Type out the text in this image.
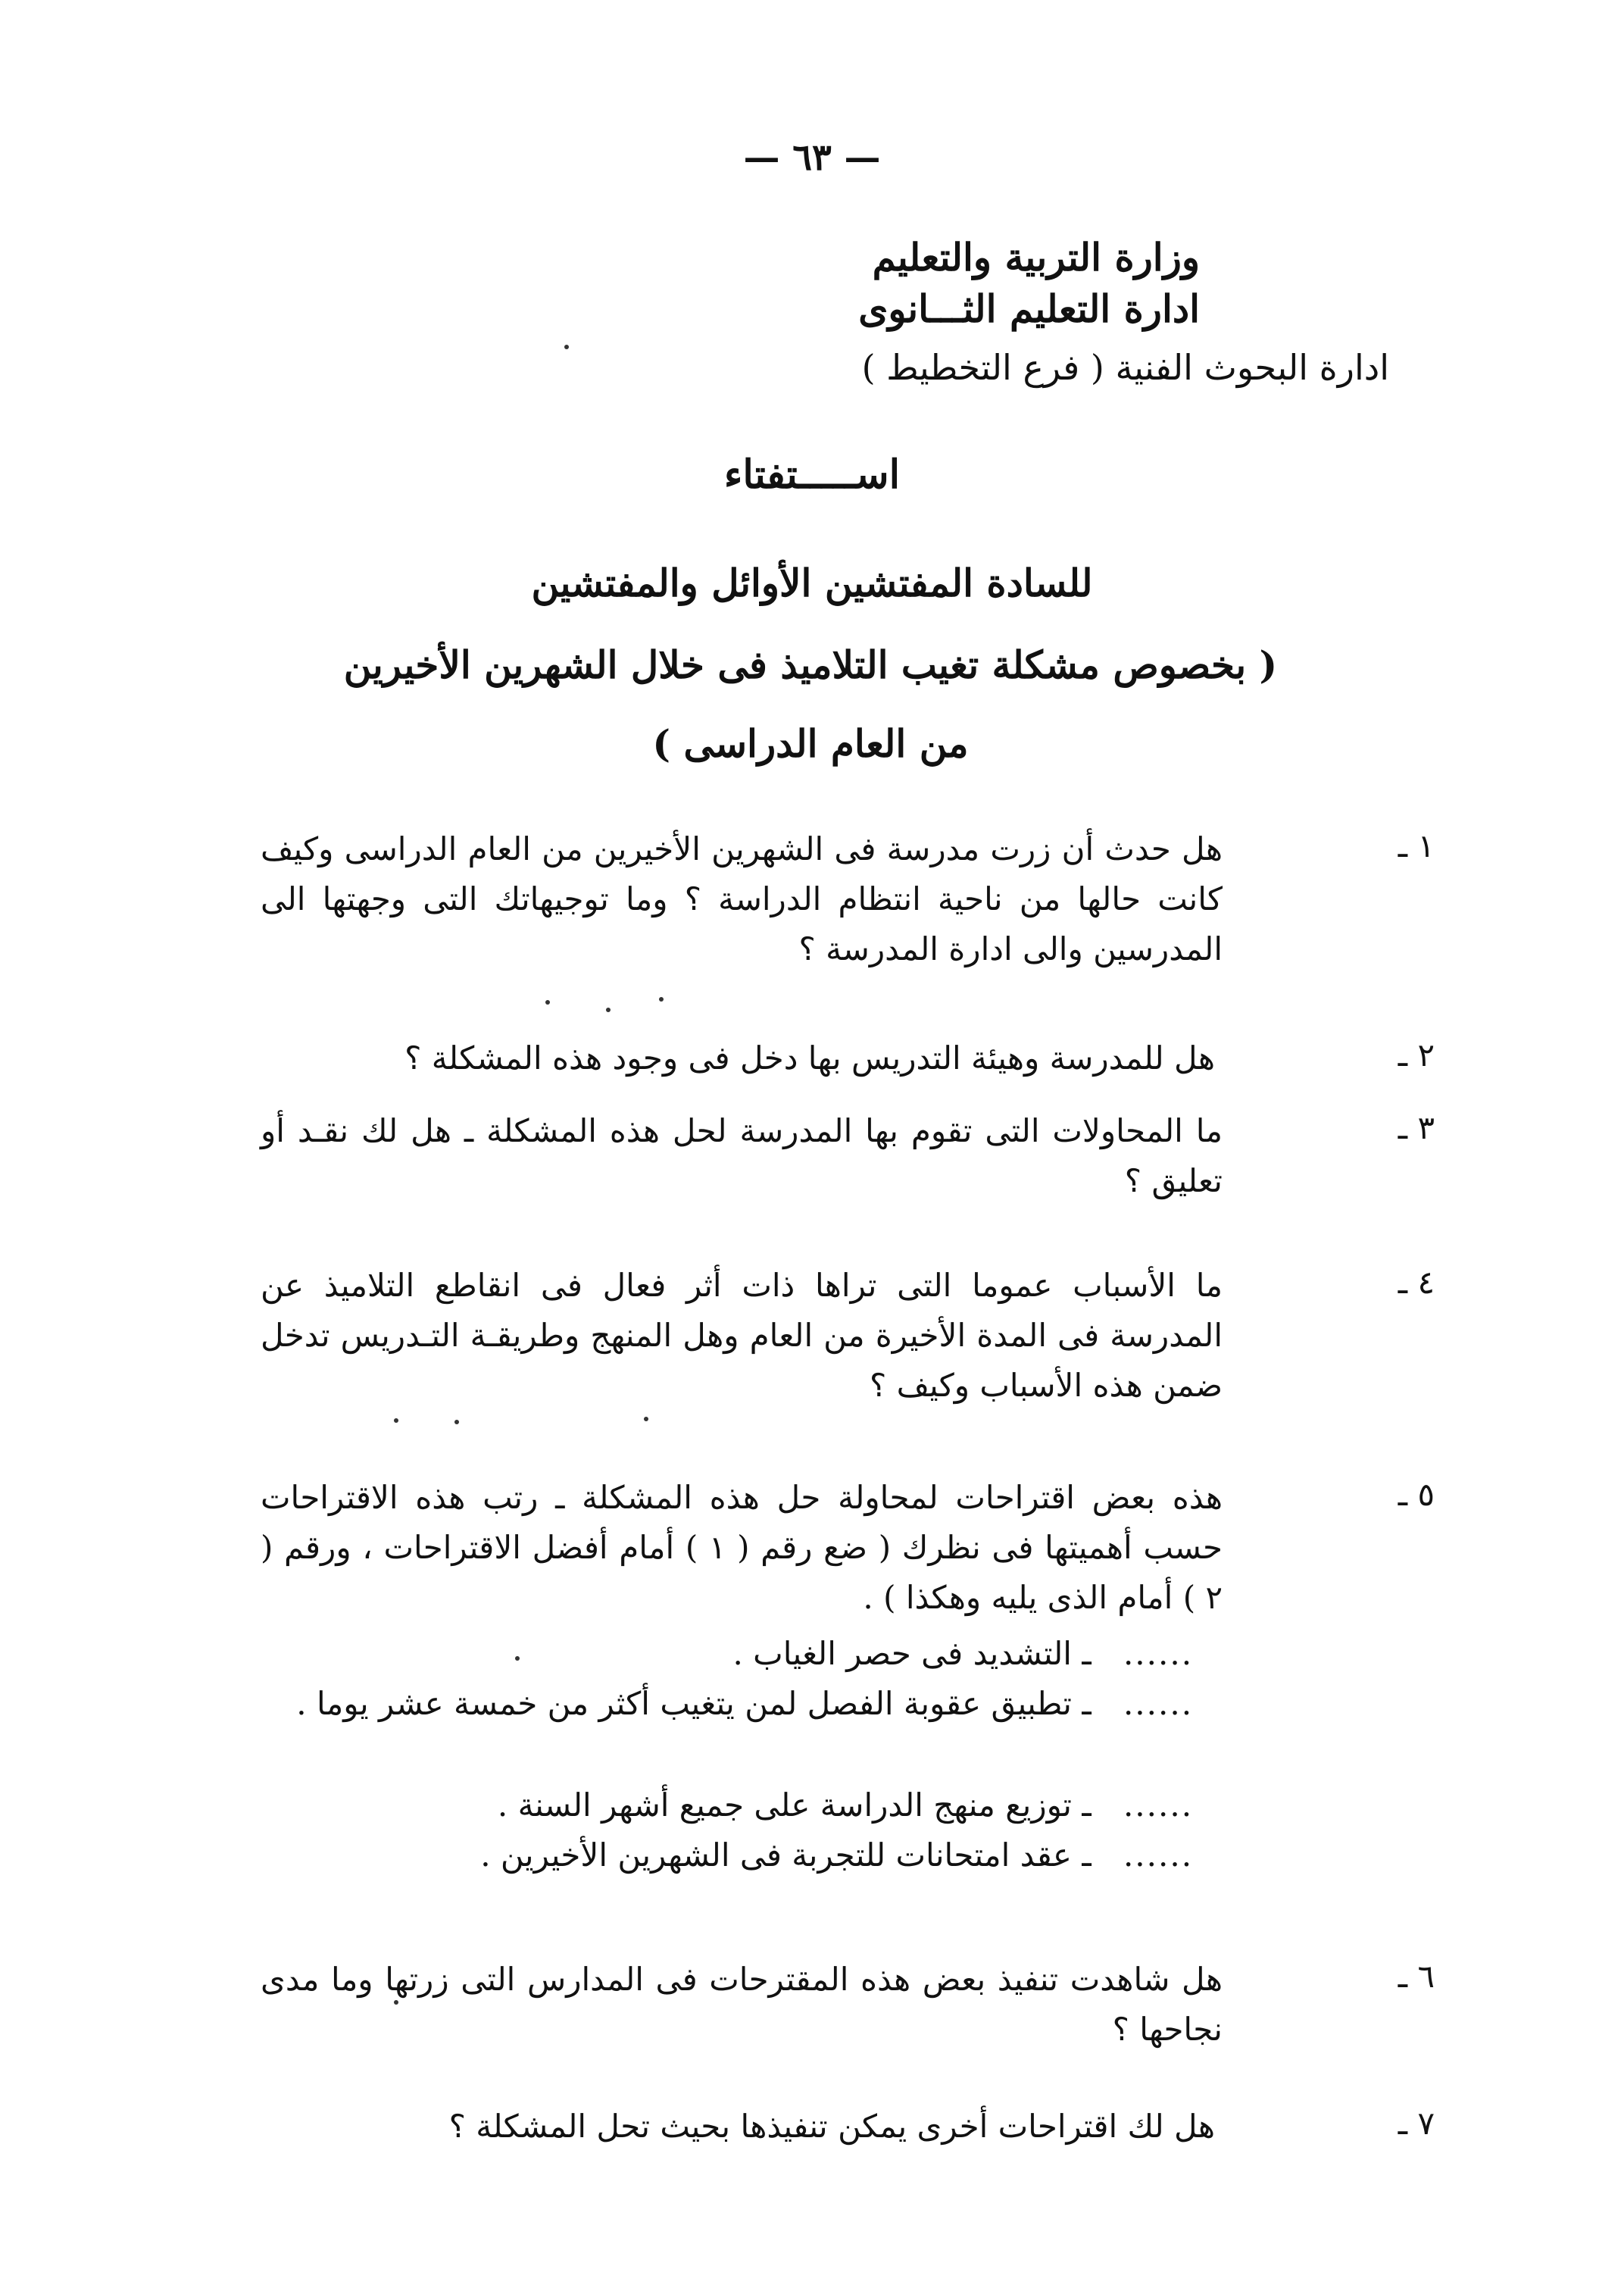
— ٦٣ —
وزارة التربية والتعليم
ادارة التعليم الثـــانوى
ادارة البحوث الفنية ( فرع التخطيط )
اســـــتفتاء
للسادة المفتشين الأوائل والمفتشين
( بخصوص مشكلة تغيب التلاميذ فى خلال الشهرين الأخيرين
من العام الدراسى )
١ ـ
هل حدث أن زرت مدرسة فى الشهرين الأخيرين من العام الدراسى وكيف كانت حالها من ناحية انتظام الدراسة ؟ وما توجيهاتك التى وجهتها الى المدرسين والى ادارة المدرسة ؟
٢ ـ
هل للمدرسة وهيئة التدريس بها دخل فى وجود هذه المشكلة ؟
٣ ـ
ما المحاولات التى تقوم بها المدرسة لحل هذه المشكلة ـ هل لك نقـد أو تعليق ؟
٤ ـ
ما الأسباب عموما التى تراها ذات أثر فعال فى انقاطع التلاميذ عن المدرسة فى المدة الأخيرة من العام وهل المنهج وطريقـة التـدريس تدخل ضمن هذه الأسباب وكيف ؟
٥ ـ
هذه بعض اقتراحات لمحاولة حل هذه المشكلة ـ رتب هذه الاقتراحات حسب أهميتها فى نظرك ( ضع رقم ( ١ ) أمام أفضل الاقتراحات ، ورقم ( ٢ ) أمام الذى يليه وهكذا ) .
...... ـ التشديد فى حصر الغياب .
...... ـ تطبيق عقوبة الفصل لمن يتغيب أكثر من خمسة عشر يوما .
...... ـ توزيع منهج الدراسة على جميع أشهر السنة .
...... ـ عقد امتحانات للتجربة فى الشهرين الأخيرين .
٦ ـ
هل شاهدت تنفيذ بعض هذه المقترحات فى المدارس التى زرتها وما مدى نجاحها ؟
٧ ـ
هل لك اقتراحات أخرى يمكن تنفيذها بحيث تحل المشكلة ؟
